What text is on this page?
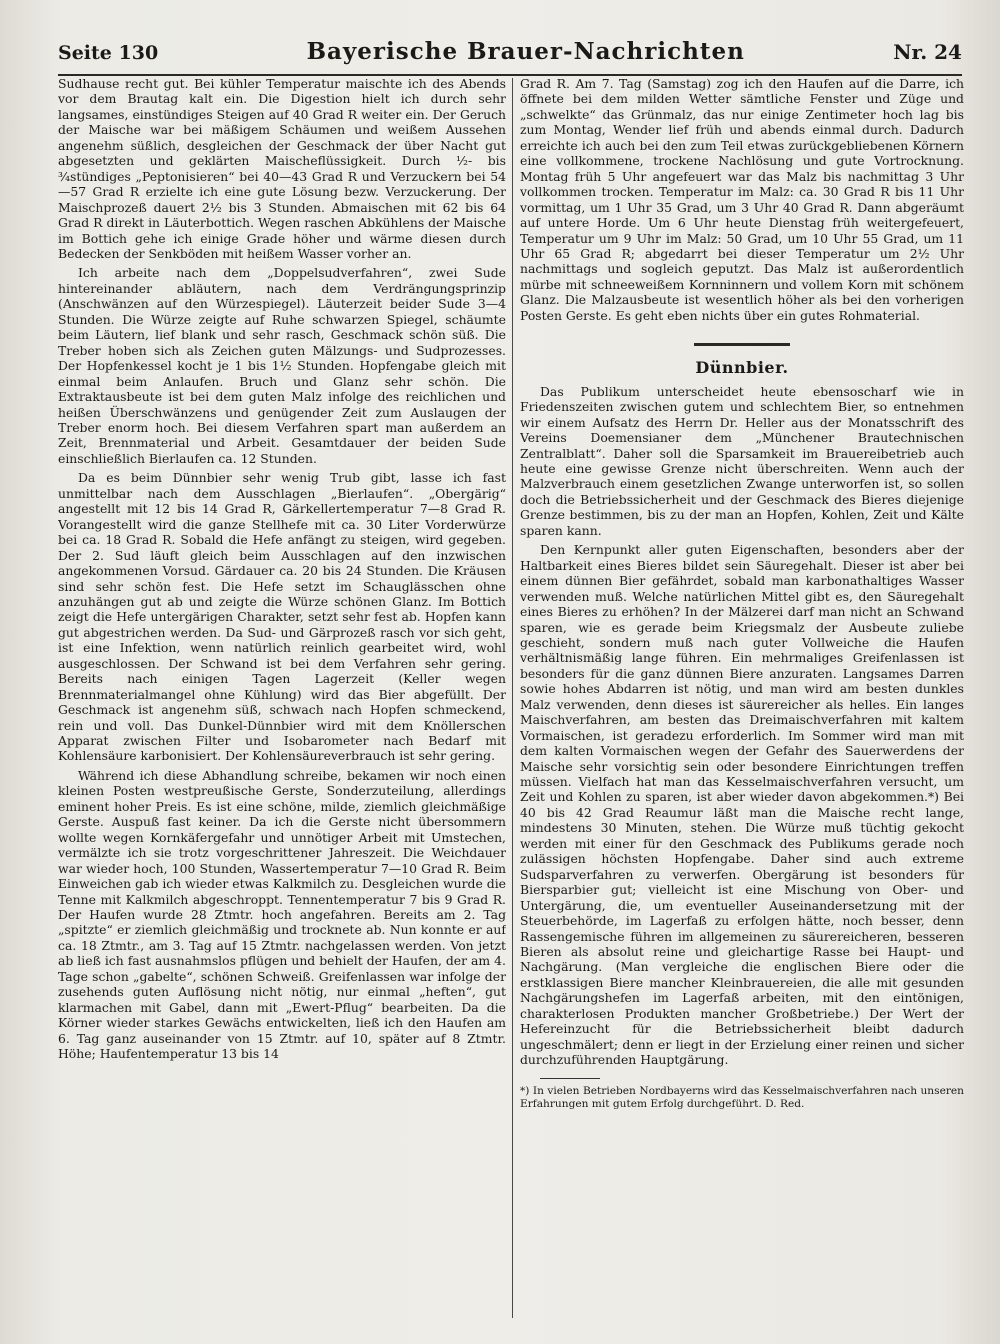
Seite 130	Bayerische Brauer-Nachrichten	Nr. 24

Sudhause recht gut. Bei kühler Temperatur maischte ich des Abends vor dem Brautag kalt ein. Die Digestion hielt ich durch sehr langsames, einstündiges Steigen auf 40 Grad R weiter ein. Der Geruch der Maische war bei mäßigem Schäumen und weißem Aussehen angenehm süßlich, desgleichen der Geschmack der über Nacht gut abgesetzten und geklärten Maischeflüssigkeit. Durch ½- bis ¾stündiges „Peptonisieren“ bei 40—43 Grad R und Verzuckern bei 54—57 Grad R erzielte ich eine gute Lösung bezw. Verzuckerung. Der Maischprozeß dauert 2½ bis 3 Stunden. Abmaischen mit 62 bis 64 Grad R direkt in Läuterbottich. Wegen raschen Abkühlens der Maische im Bottich gehe ich einige Grade höher und wärme diesen durch Bedecken der Senkböden mit heißem Wasser vorher an.

Ich arbeite nach dem „Doppelsudverfahren“, zwei Sude hintereinander abläutern, nach dem Verdrängungsprinzip (Anschwänzen auf den Würzespiegel). Läuterzeit beider Sude 3—4 Stunden. Die Würze zeigte auf Ruhe schwarzen Spiegel, schäumte beim Läutern, lief blank und sehr rasch, Geschmack schön süß. Die Treber hoben sich als Zeichen guten Mälzungs- und Sudprozesses. Der Hopfenkessel kocht je 1 bis 1½ Stunden. Hopfengabe gleich mit einmal beim Anlaufen. Bruch und Glanz sehr schön. Die Extraktausbeute ist bei dem guten Malz infolge des reichlichen und heißen Überschwänzens und genügender Zeit zum Auslaugen der Treber enorm hoch. Bei diesem Verfahren spart man außerdem an Zeit, Brennmaterial und Arbeit. Gesamtdauer der beiden Sude einschließlich Bierlaufen ca. 12 Stunden.

Da es beim Dünnbier sehr wenig Trub gibt, lasse ich fast unmittelbar nach dem Ausschlagen „Bierlaufen“. „Obergärig“ angestellt mit 12 bis 14 Grad R, Gärkellertemperatur 7—8 Grad R. Vorangestellt wird die ganze Stellhefe mit ca. 30 Liter Vorderwürze bei ca. 18 Grad R. Sobald die Hefe anfängt zu steigen, wird gegeben. Der 2. Sud läuft gleich beim Ausschlagen auf den inzwischen angekommenen Vorsud. Gärdauer ca. 20 bis 24 Stunden. Die Kräusen sind sehr schön fest. Die Hefe setzt im Schauglässchen ohne anzuhängen gut ab und zeigte die Würze schönen Glanz. Im Bottich zeigt die Hefe untergärigen Charakter, setzt sehr fest ab. Hopfen kann gut abgestrichen werden. Da Sud- und Gärprozeß rasch vor sich geht, ist eine Infektion, wenn natürlich reinlich gearbeitet wird, wohl ausgeschlossen. Der Schwand ist bei dem Verfahren sehr gering. Bereits nach einigen Tagen Lagerzeit (Keller wegen Brennmaterialmangel ohne Kühlung) wird das Bier abgefüllt. Der Geschmack ist angenehm süß, schwach nach Hopfen schmeckend, rein und voll. Das Dunkel-Dünnbier wird mit dem Knöllerschen Apparat zwischen Filter und Isobarometer nach Bedarf mit Kohlensäure karbonisiert. Der Kohlensäureverbrauch ist sehr gering.

Während ich diese Abhandlung schreibe, bekamen wir noch einen kleinen Posten westpreußische Gerste, Sonderzuteilung, allerdings eminent hoher Preis. Es ist eine schöne, milde, ziemlich gleichmäßige Gerste. Auspuß fast keiner. Da ich die Gerste nicht übersommern wollte wegen Kornkäfergefahr und unnötiger Arbeit mit Umstechen, vermälzte ich sie trotz vorgeschrittener Jahreszeit. Die Weichdauer war wieder hoch, 100 Stunden, Wassertemperatur 7—10 Grad R. Beim Einweichen gab ich wieder etwas Kalkmilch zu. Desgleichen wurde die Tenne mit Kalkmilch abgeschroppt. Tennentemperatur 7 bis 9 Grad R. Der Haufen wurde 28 Ztmtr. hoch angefahren. Bereits am 2. Tag „spitzte“ er ziemlich gleichmäßig und trocknete ab. Nun konnte er auf ca. 18 Ztmtr., am 3. Tag auf 15 Ztmtr. nachgelassen werden. Von jetzt ab ließ ich fast ausnahmslos pflügen und behielt der Haufen, der am 4. Tage schon „gabelte“, schönen Schweiß. Greifenlassen war infolge der zusehends guten Auflösung nicht nötig, nur einmal „heften“, gut klarmachen mit Gabel, dann mit „Ewert-Pflug“ bearbeiten. Da die Körner wieder starkes Gewächs entwickelten, ließ ich den Haufen am 6. Tag ganz auseinander von 15 Ztmtr. auf 10, später auf 8 Ztmtr. Höhe; Haufentemperatur 13 bis 14

Grad R. Am 7. Tag (Samstag) zog ich den Haufen auf die Darre, ich öffnete bei dem milden Wetter sämtliche Fenster und Züge und „schwelkte“ das Grünmalz, das nur einige Zentimeter hoch lag bis zum Montag, Wender lief früh und abends einmal durch. Dadurch erreichte ich auch bei den zum Teil etwas zurückgebliebenen Körnern eine vollkommene, trockene Nachlösung und gute Vortrocknung. Montag früh 5 Uhr angefeuert war das Malz bis nachmittag 3 Uhr vollkommen trocken. Temperatur im Malz: ca. 30 Grad R bis 11 Uhr vormittag, um 1 Uhr 35 Grad, um 3 Uhr 40 Grad R. Dann abgeräumt auf untere Horde. Um 6 Uhr heute Dienstag früh weitergefeuert, Temperatur um 9 Uhr im Malz: 50 Grad, um 10 Uhr 55 Grad, um 11 Uhr 65 Grad R; abgedarrt bei dieser Temperatur um 2½ Uhr nachmittags und sogleich geputzt. Das Malz ist außerordentlich mürbe mit schneeweißem Kornninnern und vollem Korn mit schönem Glanz. Die Malzausbeute ist wesentlich höher als bei den vorherigen Posten Gerste. Es geht eben nichts über ein gutes Rohmaterial.

Dünnbier.

Das Publikum unterscheidet heute ebensoscharf wie in Friedenszeiten zwischen gutem und schlechtem Bier, so entnehmen wir einem Aufsatz des Herrn Dr. Heller aus der Monatsschrift des Vereins Doemensianer dem „Münchener Brautechnischen Zentralblatt“. Daher soll die Sparsamkeit im Brauereibetrieb auch heute eine gewisse Grenze nicht überschreiten. Wenn auch der Malzverbrauch einem gesetzlichen Zwange unterworfen ist, so sollen doch die Betriebssicherheit und der Geschmack des Bieres diejenige Grenze bestimmen, bis zu der man an Hopfen, Kohlen, Zeit und Kälte sparen kann.

Den Kernpunkt aller guten Eigenschaften, besonders aber der Haltbarkeit eines Bieres bildet sein Säuregehalt. Dieser ist aber bei einem dünnen Bier gefährdet, sobald man karbonathaltiges Wasser verwenden muß. Welche natürlichen Mittel gibt es, den Säuregehalt eines Bieres zu erhöhen? In der Mälzerei darf man nicht an Schwand sparen, wie es gerade beim Kriegsmalz der Ausbeute zuliebe geschieht, sondern muß nach guter Vollweiche die Haufen verhältnismäßig lange führen. Ein mehrmaliges Greifenlassen ist besonders für die ganz dünnen Biere anzuraten. Langsames Darren sowie hohes Abdarren ist nötig, und man wird am besten dunkles Malz verwenden, denn dieses ist säurereicher als helles. Ein langes Maischverfahren, am besten das Dreimaischverfahren mit kaltem Vormaischen, ist geradezu erforderlich. Im Sommer wird man mit dem kalten Vormaischen wegen der Gefahr des Sauerwerdens der Maische sehr vorsichtig sein oder besondere Einrichtungen treffen müssen. Vielfach hat man das Kesselmaischverfahren versucht, um Zeit und Kohlen zu sparen, ist aber wieder davon abgekommen.*) Bei 40 bis 42 Grad Reaumur läßt man die Maische recht lange, mindestens 30 Minuten, stehen. Die Würze muß tüchtig gekocht werden mit einer für den Geschmack des Publikums gerade noch zulässigen höchsten Hopfengabe. Daher sind auch extreme Sudsparverfahren zu verwerfen. Obergärung ist besonders für Biersparbier gut; vielleicht ist eine Mischung von Ober- und Untergärung, die, um eventueller Auseinandersetzung mit der Steuerbehörde, im Lagerfaß zu erfolgen hätte, noch besser, denn Rassengemische führen im allgemeinen zu säurereicheren, besseren Bieren als absolut reine und gleichartige Rasse bei Haupt- und Nachgärung. (Man vergleiche die englischen Biere oder die erstklassigen Biere mancher Kleinbrauereien, die alle mit gesunden Nachgärungshefen im Lagerfaß arbeiten, mit den eintönigen, charakterlosen Produkten mancher Großbetriebe.) Der Wert der Hefereinzucht für die Betriebssicherheit bleibt dadurch ungeschmälert; denn er liegt in der Erzielung einer reinen und sicher durchzuführenden Hauptgärung.

*) In vielen Betrieben Nordbayerns wird das Kesselmaischverfahren nach unseren Erfahrungen mit gutem Erfolg durchgeführt. D. Red.
